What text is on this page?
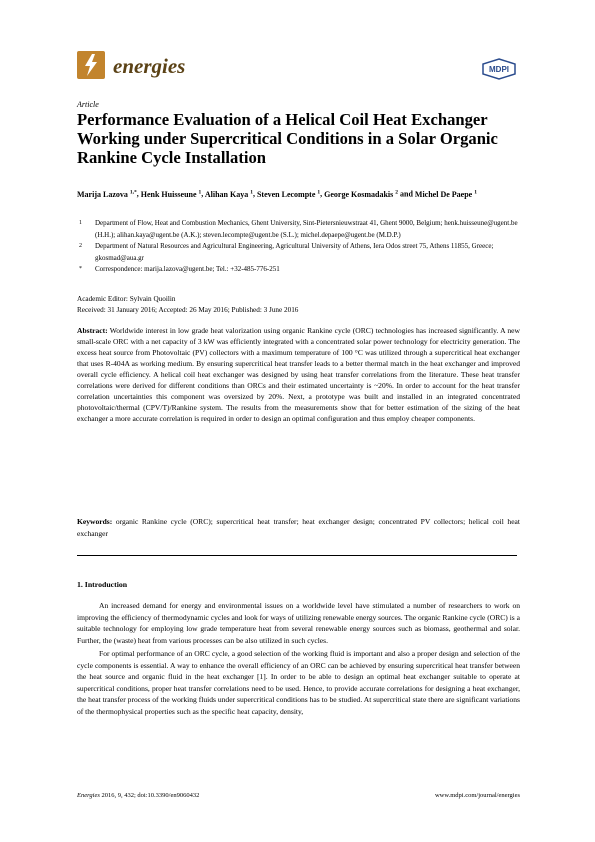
energies	MDPI
Article
Performance Evaluation of a Helical Coil Heat Exchanger Working under Supercritical Conditions in a Solar Organic Rankine Cycle Installation
Marija Lazova $^{1,*}$, Henk Huisseune $^1$, Alihan Kaya $^1$, Steven Lecompte $^1$, George Kosmadakis $^2$ and Michel De Paepe $^1$
1 Department of Flow, Heat and Combustion Mechanics, Ghent University, Sint-Pietersnieuwstraat 41, Ghent 9000, Belgium; henk.huisseune@ugent.be (H.H.); alihan.kaya@ugent.be (A.K.); steven.lecompte@ugent.be (S.L.); michel.depaepe@ugent.be (M.D.P.)
2 Department of Natural Resources and Agricultural Engineering, Agricultural University of Athens, Iera Odos street 75, Athens 11855, Greece; gkosmad@aua.gr
* Correspondence: marija.lazova@ugent.be; Tel.: +32-485-776-251
Academic Editor: Sylvain Quoilin
Received: 31 January 2016; Accepted: 26 May 2016; Published: 3 June 2016
Abstract: Worldwide interest in low grade heat valorization using organic Rankine cycle (ORC) technologies has increased significantly. A new small-scale ORC with a net capacity of 3 kW was efficiently integrated with a concentrated solar power technology for electricity generation. The excess heat source from Photovoltaic (PV) collectors with a maximum temperature of 100 °C was utilized through a supercritical heat exchanger that uses R-404A as working medium. By ensuring supercritical heat transfer leads to a better thermal match in the heat exchanger and improved overall cycle efficiency. A helical coil heat exchanger was designed by using heat transfer correlations from the literature. These heat transfer correlations were derived for different conditions than ORCs and their estimated uncertainty is ~20%. In order to account for the heat transfer correlation uncertainties this component was oversized by 20%. Next, a prototype was built and installed in an integrated concentrated photovoltaic/thermal (CPV/T)/Rankine system. The results from the measurements show that for better estimation of the sizing of the heat exchanger a more accurate correlation is required in order to design an optimal configuration and thus employ cheaper components.
Keywords: organic Rankine cycle (ORC); supercritical heat transfer; heat exchanger design; concentrated PV collectors; helical coil heat exchanger
1. Introduction

An increased demand for energy and environmental issues on a worldwide level have stimulated a number of researchers to work on improving the efficiency of thermodynamic cycles and look for ways of utilizing renewable energy sources. The organic Rankine cycle (ORC) is a suitable technology for employing low grade temperature heat from several renewable energy sources such as biomass, geothermal and solar. Further, the (waste) heat from various processes can be also utilized in such cycles.

For optimal performance of an ORC cycle, a good selection of the working fluid is important and also a proper design and selection of the cycle components is essential. A way to enhance the overall efficiency of an ORC can be achieved by ensuring supercritical heat transfer between the heat source and organic fluid in the heat exchanger [1]. In order to be able to design an optimal heat exchanger suitable to operate at supercritical conditions, proper heat transfer correlations need to be used. Hence, to provide accurate correlations for designing a heat exchanger, the heat transfer process of the working fluids under supercritical conditions has to be studied. At supercritical state there are significant variations of the thermophysical properties such as the specific heat capacity, density,

Energies 2016, 9, 432; doi:10.3390/en9060432	www.mdpi.com/journal/energies
